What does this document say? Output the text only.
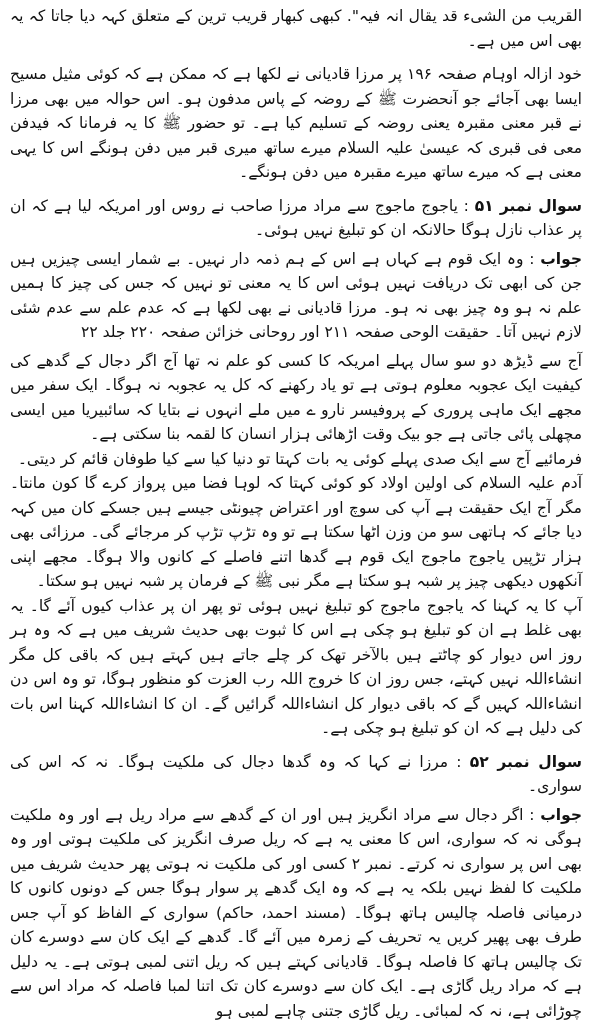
القریب من الشیء قد یقال انہ فیہ". کبھی کبھار قریب ترین کے متعلق کہہ دیا جاتا کہ یہ بھی اس میں ہے۔

خود ازالہ اوہام صفحہ ۱۹۶ پر مرزا قادیانی نے لکھا ہے کہ ممکن ہے کہ کوئی مثیل مسیح ایسا بھی آجائے جو آنحضرت ﷺ کے روضہ کے پاس مدفون ہو۔ اس حوالہ میں بھی مرزا نے قبر معنی مقبرہ یعنی روضہ کے تسلیم کیا ہے۔ تو حضور ﷺ کا یہ فرمانا کہ فیدفن معی فی قبری کہ عیسیٰ علیہ السلام میرے ساتھ میری قبر میں دفن ہونگے اس کا یہی معنی ہے کہ میرے ساتھ میرے مقبرہ میں دفن ہونگے۔

سوال نمبر ۵۱ : یاجوج ماجوج سے مراد مرزا صاحب نے روس اور امریکہ لیا ہے کہ ان پر عذاب نازل ہوگا حالانکہ ان کو تبلیغ نہیں ہوئی۔

جواب : وہ ایک قوم ہے کہاں ہے اس کے ہم ذمہ دار نہیں۔ بے شمار ایسی چیزیں ہیں جن کی ابھی تک دریافت نہیں ہوئی اس کا یہ معنی تو نہیں کہ جس کی چیز کا ہمیں علم نہ ہو وہ چیز بھی نہ ہو۔ مرزا قادیانی نے بھی لکھا ہے کہ عدم علم سے عدم شئی لازم نہیں آتا۔ حقیقت الوحی صفحہ ۲۱۱ اور روحانی خزائن صفحہ ۲۲۰ جلد ۲۲

آج سے ڈیڑھ دو سو سال پہلے امریکہ کا کسی کو علم نہ تھا آج اگر دجال کے گدھے کی کیفیت ایک عجوبہ معلوم ہوتی ہے تو یاد رکھنے کہ کل یہ عجوبہ نہ ہوگا۔ ایک سفر میں مجھے ایک ماہی پروری کے پروفیسر نارو ے میں ملے انہوں نے بتایا کہ سائبیریا میں ایسی مچھلی پائی جاتی ہے جو بیک وقت اڑھائی ہزار انسان کا لقمہ بنا سکتی ہے۔

فرمائیے آج سے ایک صدی پہلے کوئی یہ بات کہتا تو دنیا کیا سے کیا طوفان قائم کر دیتی۔

آدم علیہ السلام کی اولین اولاد کو کوئی کہتا کہ لوہا فضا میں پرواز کرے گا کون مانتا۔ مگر آج ایک حقیقت ہے آپ کی سوچ اور اعتراض چیونٹی جیسے ہیں جسکے کان میں کہہ دیا جائے کہ ہاتھی سو من وزن اٹھا سکتا ہے تو وہ تڑپ تڑپ کر مرجائے گی۔ مرزائی بھی ہزار تڑپیں یاجوج ماجوج ایک قوم ہے گدھا اتنے فاصلے کے کانوں والا ہوگا۔ مجھے اپنی آنکھوں دیکھی چیز پر شبہ ہو سکتا ہے مگر نبی ﷺ کے فرمان پر شبہ نہیں ہو سکتا۔

آپ کا یہ کہنا کہ یاجوج ماجوج کو تبلیغ نہیں ہوئی تو پھر ان پر عذاب کیوں آئے گا۔ یہ بھی غلط ہے ان کو تبلیغ ہو چکی ہے اس کا ثبوت بھی حدیث شریف میں ہے کہ وہ ہر روز اس دیوار کو چاٹتے ہیں بالآخر تھک کر چلے جاتے ہیں کہتے ہیں کہ باقی کل مگر انشاءاللہ نہیں کہتے، جس روز ان کا خروج اللہ رب العزت کو منظور ہوگا، تو وہ اس دن انشاءاللہ کہیں گے کہ باقی دیوار کل انشاءاللہ گرائیں گے۔ ان کا انشاءاللہ کہنا اس بات کی دلیل ہے کہ ان کو تبلیغ ہو چکی ہے۔

سوال نمبر ۵۲ : مرزا نے کہا کہ وہ گدھا دجال کی ملکیت ہوگا۔ نہ کہ اس کی سواری۔

جواب : اگر دجال سے مراد انگریز ہیں اور ان کے گدھے سے مراد ریل ہے اور وہ ملکیت ہوگی نہ کہ سواری، اس کا معنی یہ ہے کہ ریل صرف انگریز کی ملکیت ہوتی اور وہ بھی اس پر سواری نہ کرتے۔ نمبر ۲ کسی اور کی ملکیت نہ ہوتی پھر حدیث شریف میں ملکیت کا لفظ نہیں بلکہ یہ ہے کہ وہ ایک گدھے پر سوار ہوگا جس کے دونوں کانوں کا درمیانی فاصلہ چالیس ہاتھ ہوگا۔ (مسند احمد، حاکم) سواری کے الفاظ کو آپ جس طرف بھی پھیر کریں یہ تحریف کے زمرہ میں آئے گا۔ گدھے کے ایک کان سے دوسرے کان تک چالیس ہاتھ کا فاصلہ ہوگا۔ قادیانی کہتے ہیں کہ ریل اتنی لمبی ہوتی ہے۔ یہ دلیل ہے کہ مراد ریل گاڑی ہے۔ ایک کان سے دوسرے کان تک اتنا لمبا فاصلہ کہ مراد اس سے چوڑائی ہے، نہ کہ لمبائی۔ ریل گاڑی جتنی چاہے لمبی ہو
